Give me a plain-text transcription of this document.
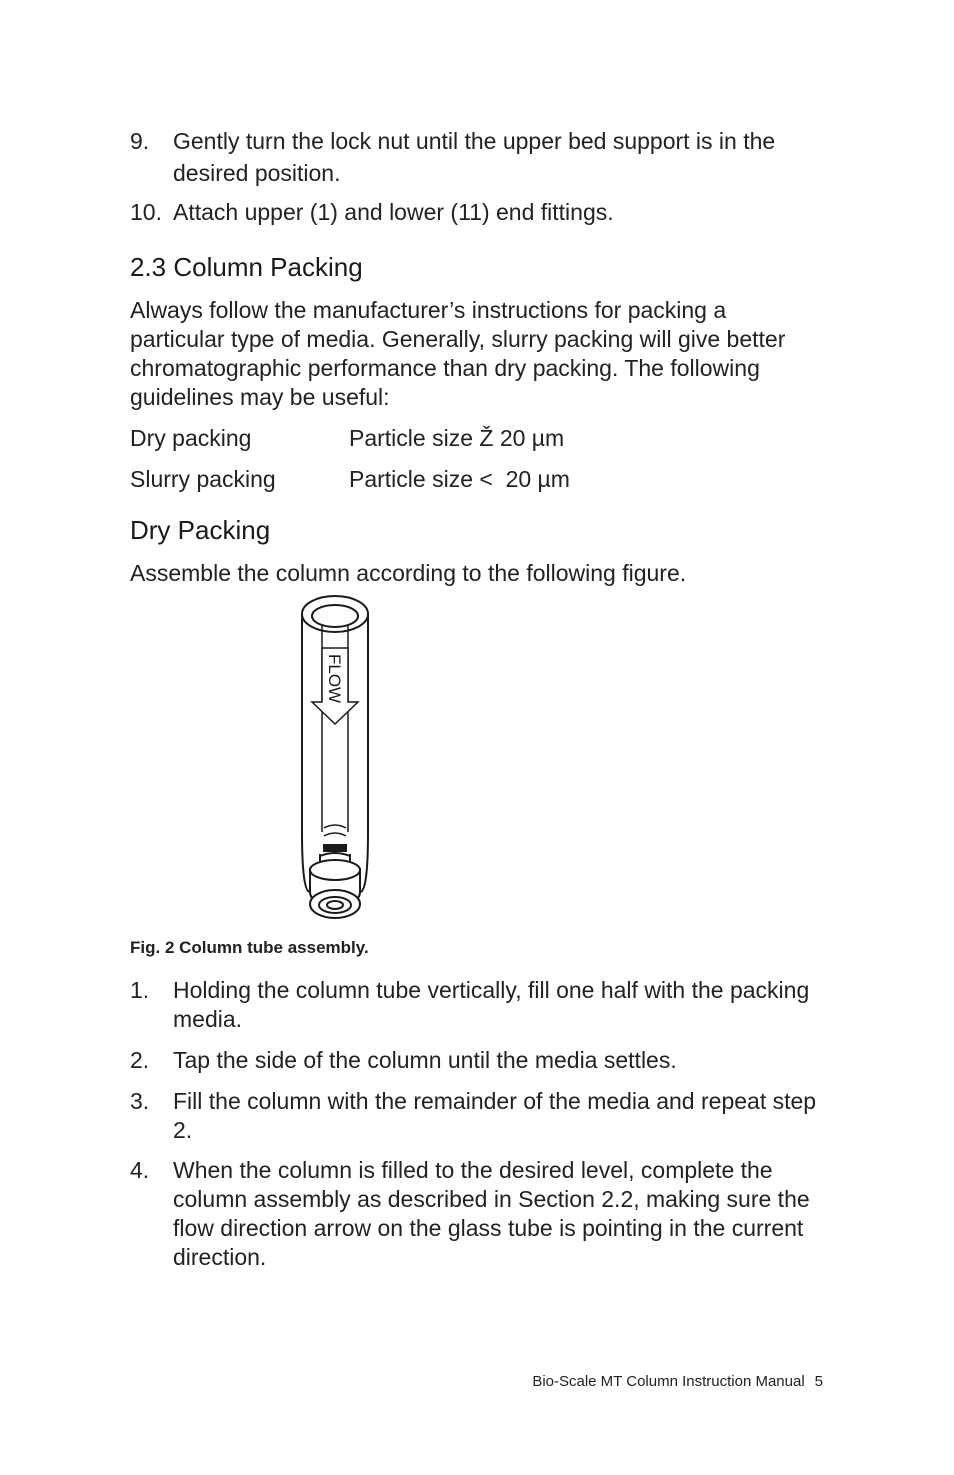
9.	Gently turn the lock nut until the upper bed support is in the desired position.
10. Attach upper (1) and lower (11) end fittings.
2.3 Column Packing
Always follow the manufacturer’s instructions for packing a particular type of media. Generally, slurry packing will give better chromatographic performance than dry packing. The following guidelines may be useful:
Dry packing	Particle size Ž 20 µm
Slurry packing	Particle size <  20 µm
Dry Packing
Assemble the column according to the following figure.
FLOW
Fig. 2 Column tube assembly.
1.	Holding the column tube vertically, fill one half with the packing media.
2.	Tap the side of the column until the media settles.
3.	Fill the column with the remainder of the media and repeat step 2.
4.	When the column is filled to the desired level, complete the column assembly as described in Section 2.2, making sure the flow direction arrow on the glass tube is pointing in the current direction.
Bio-Scale MT Column Instruction Manual 5
